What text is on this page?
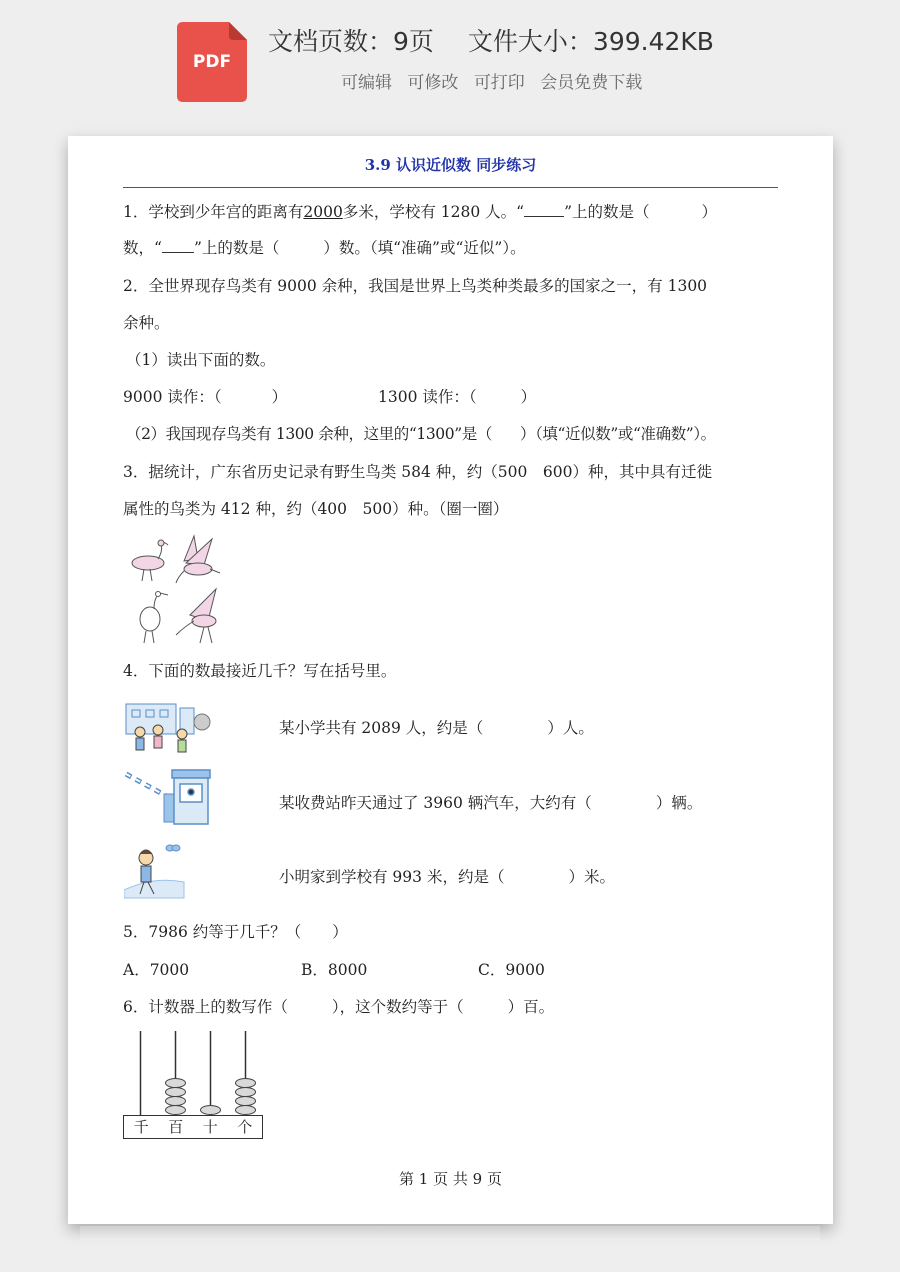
PDF
文档页数：9页 文件大小：399.42KB
可编辑 可修改 可打印 会员免费下载
3.9 认识近似数 同步练习
1．学校到少年宫的距离有2000多米，学校有 1280 人。“	”上的数是（	）
数，“ ”上的数是（	）数。（填“准确”或“近似”）。
2．全世界现存鸟类有 9000 余种，我国是世界上鸟类种类最多的国家之一，有 1300
余种。
（1）读出下面的数。
9000 读作：（	）	1300 读作：（	）
（2）我国现存鸟类有 1300 余种，这里的“1300”是（ ）（填“近似数”或“准确数”）。
3．据统计，广东省历史记录有野生鸟类 584 种，约（500　600）种，其中具有迁徙
属性的鸟类为 412 种，约（400　500）种。（圈一圈）
4．下面的数最接近几千？写在括号里。
某小学共有 2089 人，约是（	）人。
某收费站昨天通过了 3960 辆汽车，大约有（	）辆。
小明家到学校有 993 米，约是（	）米。
5．7986 约等于几千？（　　）
A．7000	B．8000	C．9000
6．计数器上的数写作（	），这个数约等于（	）百。
千	百	十	个
第 1 页 共 9 页
